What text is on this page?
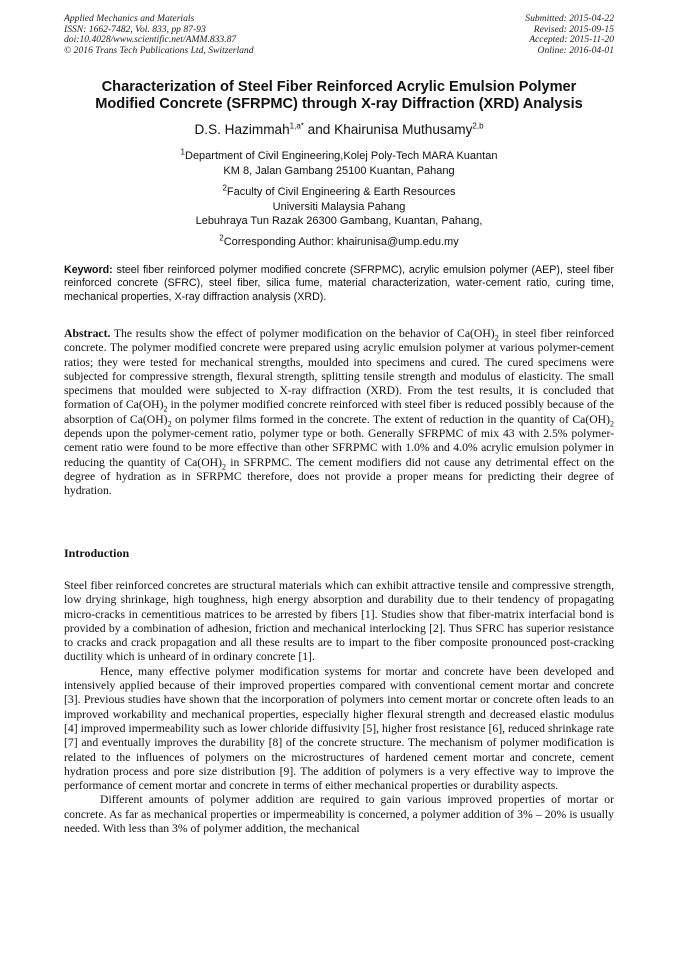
Applied Mechanics and Materials
ISSN: 1662-7482, Vol. 833, pp 87-93
doi:10.4028/www.scientific.net/AMM.833.87
© 2016 Trans Tech Publications Ltd, Switzerland
Submitted: 2015-04-22
Revised: 2015-09-15
Accepted: 2015-11-20
Online: 2016-04-01
Characterization of Steel Fiber Reinforced Acrylic Emulsion Polymer
Modified Concrete (SFRPMC) through X-ray Diffraction (XRD) Analysis
D.S. Hazimmah$^{1,a*}$ and Khairunisa Muthusamy$^{2,b}$
$^1$Department of Civil Engineering,Kolej Poly-Tech MARA Kuantan
KM 8, Jalan Gambang 25100 Kuantan, Pahang
$^2$Faculty of Civil Engineering & Earth Resources
Universiti Malaysia Pahang
Lebuhraya Tun Razak 26300 Gambang, Kuantan, Pahang,
$^2$Corresponding Author: khairunisa@ump.edu.my
Keyword: steel fiber reinforced polymer modified concrete (SFRPMC), acrylic emulsion polymer (AEP), steel fiber reinforced concrete (SFRC), steel fiber, silica fume, material characterization, water-cement ratio, curing time, mechanical properties, X-ray diffraction analysis (XRD).
Abstract. The results show the effect of polymer modification on the behavior of $Ca(OH)_2$ in steel fiber reinforced concrete. The polymer modified concrete were prepared using acrylic emulsion polymer at various polymer-cement ratios; they were tested for mechanical strengths, moulded into specimens and cured. The cured specimens were subjected for compressive strength, flexural strength, splitting tensile strength and modulus of elasticity. The small specimens that moulded were subjected to X-ray diffraction (XRD). From the test results, it is concluded that formation of $Ca(OH)_2$ in the polymer modified concrete reinforced with steel fiber is reduced possibly because of the absorption of $Ca(OH)_2$ on polymer films formed in the concrete. The extent of reduction in the quantity of $Ca(OH)_2$ depends upon the polymer-cement ratio, polymer type or both. Generally SFRPMC of mix 43 with 2.5% polymer-cement ratio were found to be more effective than other SFRPMC with 1.0% and 4.0% acrylic emulsion polymer in reducing the quantity of $Ca(OH)_2$ in SFRPMC. The cement modifiers did not cause any detrimental effect on the degree of hydration as in SFRPMC therefore, does not provide a proper means for predicting their degree of hydration.
Introduction

Steel fiber reinforced concretes are structural materials which can exhibit attractive tensile and compressive strength, low drying shrinkage, high toughness, high energy absorption and durability due to their tendency of propagating micro-cracks in cementitious matrices to be arrested by fibers [1]. Studies show that fiber-matrix interfacial bond is provided by a combination of adhesion, friction and mechanical interlocking [2]. Thus SFRC has superior resistance to cracks and crack propagation and all these results are to impart to the fiber composite pronounced post-cracking ductility which is unheard of in ordinary concrete [1].

Hence, many effective polymer modification systems for mortar and concrete have been developed and intensively applied because of their improved properties compared with conventional cement mortar and concrete [3]. Previous studies have shown that the incorporation of polymers into cement mortar or concrete often leads to an improved workability and mechanical properties, especially higher flexural strength and decreased elastic modulus [4] improved impermeability such as lower chloride diffusivity [5], higher frost resistance [6], reduced shrinkage rate [7] and eventually improves the durability [8] of the concrete structure. The mechanism of polymer modification is related to the influences of polymers on the microstructures of hardened cement mortar and concrete, cement hydration process and pore size distribution [9]. The addition of polymers is a very effective way to improve the performance of cement mortar and concrete in terms of either mechanical properties or durability aspects.

Different amounts of polymer addition are required to gain various improved properties of mortar or concrete. As far as mechanical properties or impermeability is concerned, a polymer addition of 3% – 20% is usually needed. With less than 3% of polymer addition, the mechanical
